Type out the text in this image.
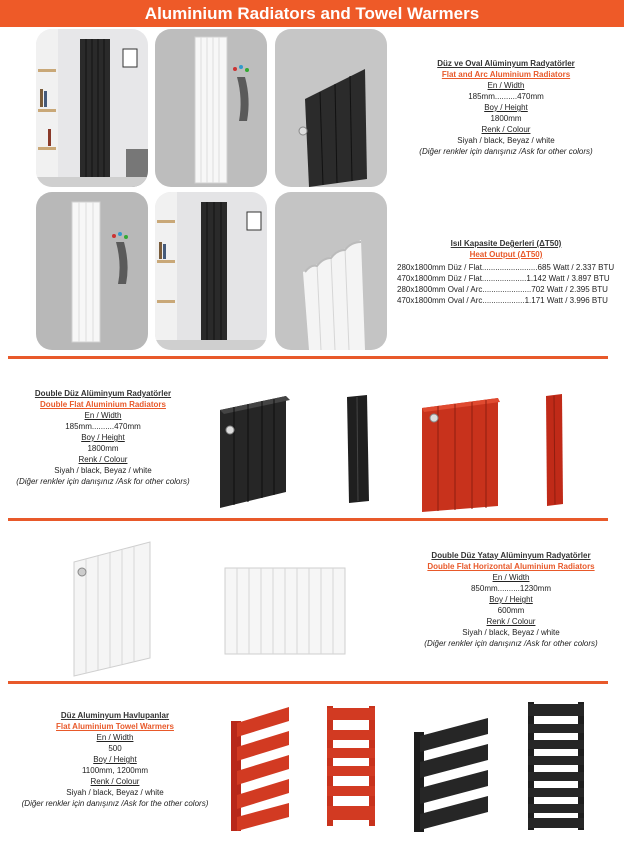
Aluminium Radiators and Towel Warmers
Düz ve Oval Alüminyum Radyatörler
Flat and Arc Aluminium Radiators
En / Width
185mm..........470mm
Boy / Height
1800mm
Renk / Colour
Siyah / black, Beyaz / white
(Diğer renkler için danışınız /Ask for other colors)
Isıl Kapasite Değerleri (ΔT50)
Heat Output (ΔT50)
280x1800mm Düz / Flat.........................685 Watt / 2.337 BTU
470x1800mm Düz / Flat....................1.142 Watt / 3.897 BTU
280x1800mm Oval / Arc......................702 Watt / 2.395 BTU
470x1800mm Oval / Arc...................1.171 Watt / 3.996 BTU
Double Düz Alüminyum Radyatörler
Double Flat Aluminium Radiators
En / Width
185mm..........470mm
Boy / Height
1800mm
Renk / Colour
Siyah / black, Beyaz / white
(Diğer renkler için danışınız /Ask for other colors)
Double Düz Yatay Alüminyum Radyatörler
Double Flat Horizontal Aluminium Radiators
En / Width
850mm..........1230mm
Boy / Height
600mm
Renk / Colour
Siyah / black, Beyaz / white
(Diğer renkler için danışınız /Ask for other colors)
Düz Aluminyum Havlupanlar
Flat Aluminium Towel Warmers
En / Width
500
Boy / Height
1100mm, 1200mm
Renk / Colour
Siyah / black, Beyaz / white
(Diğer renkler için danışınız /Ask for the other colors)
